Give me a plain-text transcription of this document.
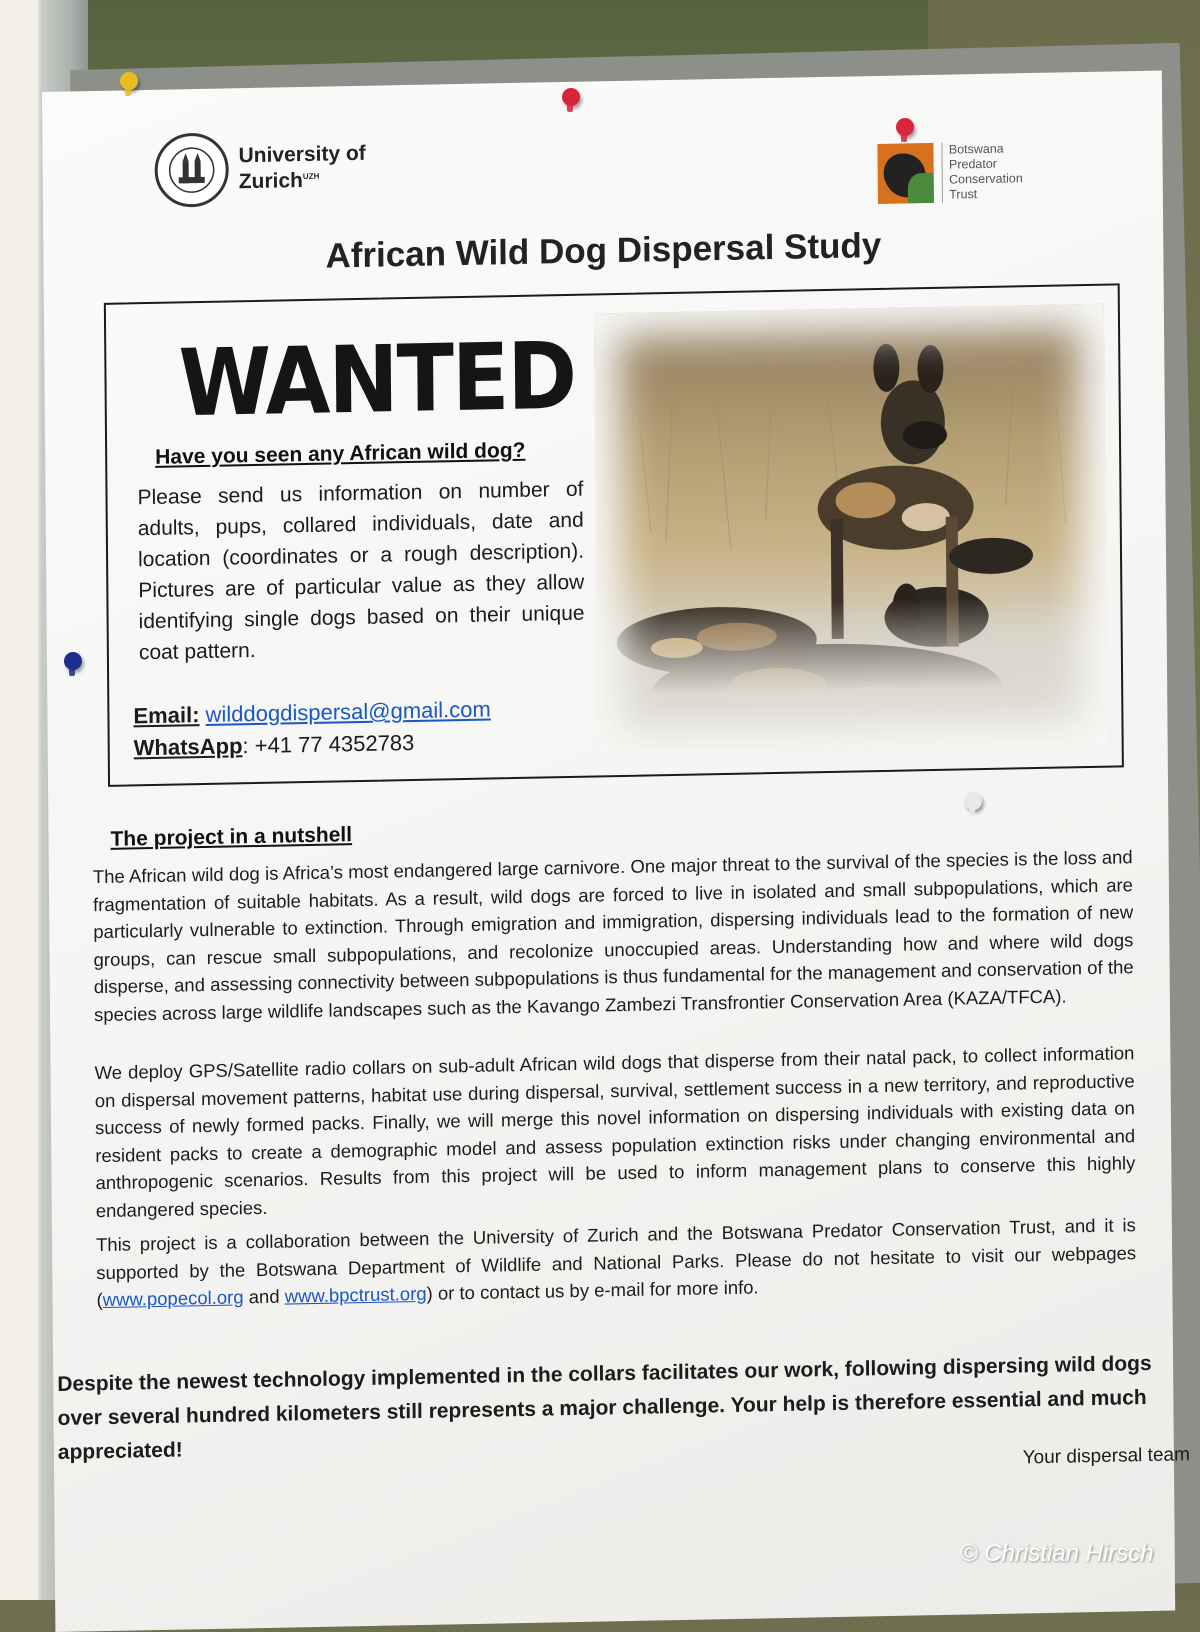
University of
Zurich$^{UZH}$
Botswana
Predator
Conservation
Trust
African Wild Dog Dispersal Study
WANTED
Have you seen any African wild dog?
Please send us information on number of adults, pups, collared individuals, date and location (coordinates or a rough description). Pictures are of particular value as they allow identifying single dogs based on their unique coat pattern.
Email: wilddogdispersal@gmail.com
WhatsApp: +41 77 4352783
The project in a nutshell
The African wild dog is Africa’s most endangered large carnivore. One major threat to the survival of the species is the loss and fragmentation of suitable habitats. As a result, wild dogs are forced to live in isolated and small subpopulations, which are particularly vulnerable to extinction. Through emigration and immigration, dispersing individuals lead to the formation of new groups, can rescue small subpopulations, and recolonize unoccupied areas. Understanding how and where wild dogs disperse, and assessing connectivity between subpopulations is thus fundamental for the management and conservation of the species across large wildlife landscapes such as the Kavango Zambezi Transfrontier Conservation Area (KAZA/TFCA).
We deploy GPS/Satellite radio collars on sub-adult African wild dogs that disperse from their natal pack, to collect information on dispersal movement patterns, habitat use during dispersal, survival, settlement success in a new territory, and reproductive success of newly formed packs. Finally, we will merge this novel information on dispersing individuals with existing data on resident packs to create a demographic model and assess population extinction risks under changing environmental and anthropogenic scenarios. Results from this project will be used to inform management plans to conserve this highly endangered species.
This project is a collaboration between the University of Zurich and the Botswana Predator Conservation Trust, and it is supported by the Botswana Department of Wildlife and National Parks. Please do not hesitate to visit our webpages (www.popecol.org and www.bpctrust.org) or to contact us by e-mail for more info.
Despite the newest technology implemented in the collars facilitates our work, following dispersing wild dogs over several hundred kilometers still represents a major challenge. Your help is therefore essential and much appreciated!	Your dispersal team
© Christian Hirsch
